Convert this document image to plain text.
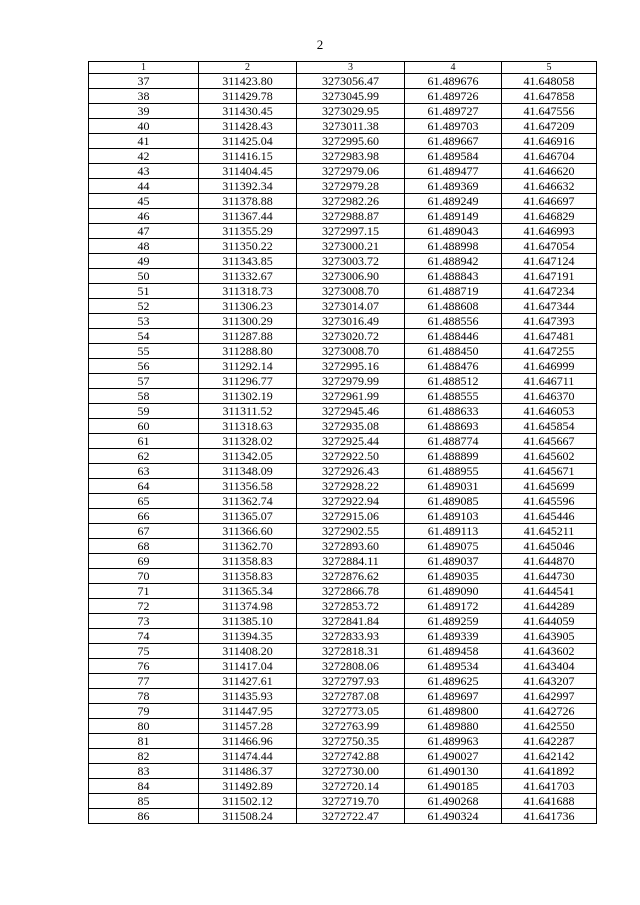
2
1	2	3	4	5
37	311423.80	3273056.47	61.489676	41.648058
38	311429.78	3273045.99	61.489726	41.647858
39	311430.45	3273029.95	61.489727	41.647556
40	311428.43	3273011.38	61.489703	41.647209
41	311425.04	3272995.60	61.489667	41.646916
42	311416.15	3272983.98	61.489584	41.646704
43	311404.45	3272979.06	61.489477	41.646620
44	311392.34	3272979.28	61.489369	41.646632
45	311378.88	3272982.26	61.489249	41.646697
46	311367.44	3272988.87	61.489149	41.646829
47	311355.29	3272997.15	61.489043	41.646993
48	311350.22	3273000.21	61.488998	41.647054
49	311343.85	3273003.72	61.488942	41.647124
50	311332.67	3273006.90	61.488843	41.647191
51	311318.73	3273008.70	61.488719	41.647234
52	311306.23	3273014.07	61.488608	41.647344
53	311300.29	3273016.49	61.488556	41.647393
54	311287.88	3273020.72	61.488446	41.647481
55	311288.80	3273008.70	61.488450	41.647255
56	311292.14	3272995.16	61.488476	41.646999
57	311296.77	3272979.99	61.488512	41.646711
58	311302.19	3272961.99	61.488555	41.646370
59	311311.52	3272945.46	61.488633	41.646053
60	311318.63	3272935.08	61.488693	41.645854
61	311328.02	3272925.44	61.488774	41.645667
62	311342.05	3272922.50	61.488899	41.645602
63	311348.09	3272926.43	61.488955	41.645671
64	311356.58	3272928.22	61.489031	41.645699
65	311362.74	3272922.94	61.489085	41.645596
66	311365.07	3272915.06	61.489103	41.645446
67	311366.60	3272902.55	61.489113	41.645211
68	311362.70	3272893.60	61.489075	41.645046
69	311358.83	3272884.11	61.489037	41.644870
70	311358.83	3272876.62	61.489035	41.644730
71	311365.34	3272866.78	61.489090	41.644541
72	311374.98	3272853.72	61.489172	41.644289
73	311385.10	3272841.84	61.489259	41.644059
74	311394.35	3272833.93	61.489339	41.643905
75	311408.20	3272818.31	61.489458	41.643602
76	311417.04	3272808.06	61.489534	41.643404
77	311427.61	3272797.93	61.489625	41.643207
78	311435.93	3272787.08	61.489697	41.642997
79	311447.95	3272773.05	61.489800	41.642726
80	311457.28	3272763.99	61.489880	41.642550
81	311466.96	3272750.35	61.489963	41.642287
82	311474.44	3272742.88	61.490027	41.642142
83	311486.37	3272730.00	61.490130	41.641892
84	311492.89	3272720.14	61.490185	41.641703
85	311502.12	3272719.70	61.490268	41.641688
86	311508.24	3272722.47	61.490324	41.641736
